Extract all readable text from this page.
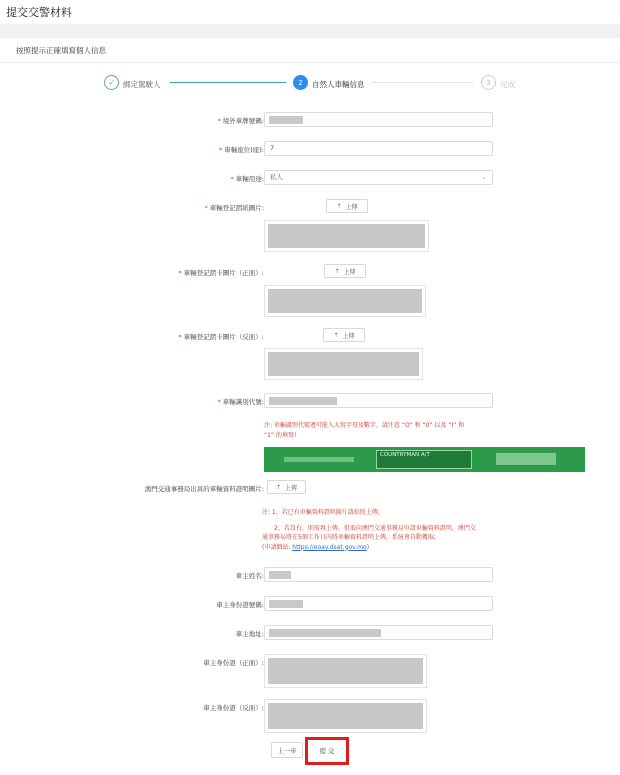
提交交警材料
按照提示正確填寫個人信息
✓	綁定駕駛人	2	自然人車輛信息	3	完成
* 境外車牌號碼:
* 車輛座位(座): 7
* 車輛用途: 私人	⌄
* 車輛登記摺紙圖片:	⇡ 上傳
* 車輛登記摺卡圖片（正面）:	⇡ 上傳
* 車輛登記摺卡圖片（反面）:	⇡ 上傳
* 車輛識別代號:
注: 車輛識別代號遵可能入大寫字母及數字，請注意 “O” 和 “0” 以及 “I” 和 “1” 的填寫!
COUNTRYMAN A/T
澳門交通事務局出具的車輛資料證明圖片: ⇡ 上傳
注: 1、若已有車輛資料證明圖片請拍照上傳;
2、若沒有，則需再上傳。但需向澳門交通事務局申請車輛資料證明，澳門交
通事務局將在5個工作日內將車輛資料證明上傳，系統會自動獲取;
(申請網站: https://eoav.dsat.gov.mo)
車主姓名:
車主身份證號碼:
車主地址:
車主身份證（正面）:
車主身份證（反面）:
上一步	提 交
